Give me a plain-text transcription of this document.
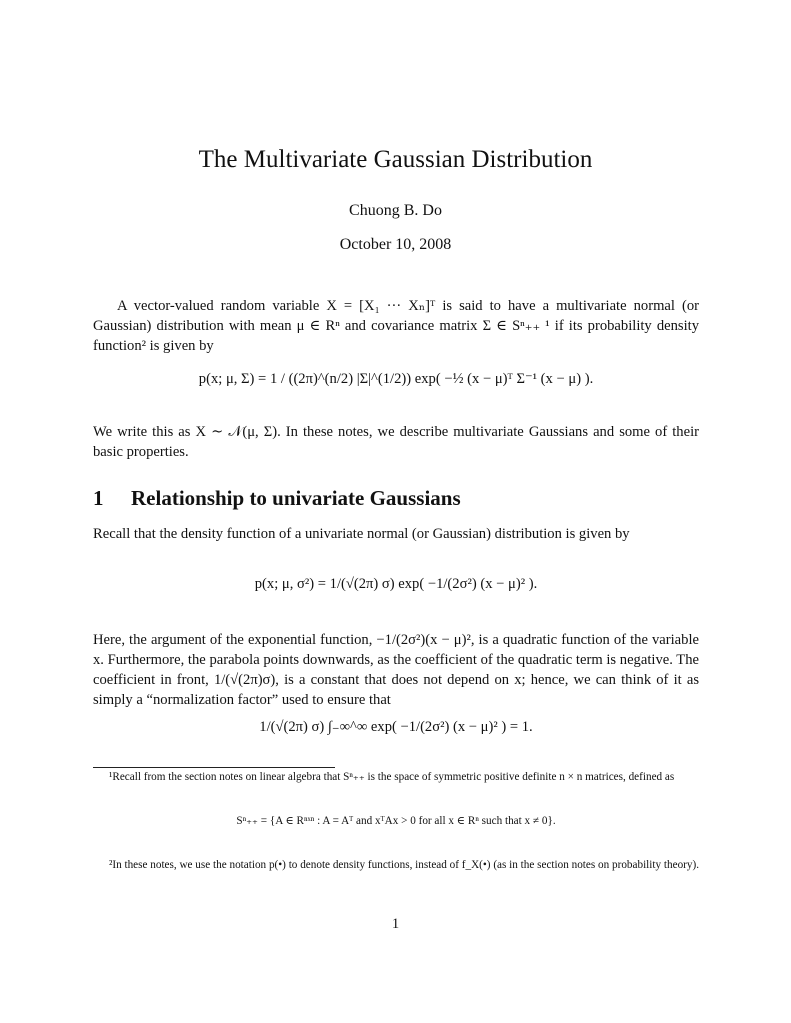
The Multivariate Gaussian Distribution
Chuong B. Do
October 10, 2008
A vector-valued random variable X = [X₁ ··· Xₙ]ᵀ is said to have a multivariate normal (or Gaussian) distribution with mean μ ∈ Rⁿ and covariance matrix Σ ∈ Sⁿ₊₊ ¹ if its probability density function² is given by
p(x; μ, Σ) = 1 / ((2π)^(n/2) |Σ|^(1/2)) exp( −½ (x − μ)ᵀ Σ⁻¹ (x − μ) ).
We write this as X ∼ 𝒩(μ, Σ). In these notes, we describe multivariate Gaussians and some of their basic properties.
1 Relationship to univariate Gaussians
Recall that the density function of a univariate normal (or Gaussian) distribution is given by
p(x; μ, σ²) = 1/(√(2π) σ) exp( −1/(2σ²) (x − μ)² ).
Here, the argument of the exponential function, −1/(2σ²)(x − μ)², is a quadratic function of the variable x. Furthermore, the parabola points downwards, as the coefficient of the quadratic term is negative. The coefficient in front, 1/(√(2π)σ), is a constant that does not depend on x; hence, we can think of it as simply a “normalization factor” used to ensure that
1/(√(2π) σ) ∫₋∞^∞ exp( −1/(2σ²) (x − μ)² ) = 1.
¹Recall from the section notes on linear algebra that Sⁿ₊₊ is the space of symmetric positive definite n × n matrices, defined as
Sⁿ₊₊ = {A ∈ Rⁿˣⁿ : A = Aᵀ and xᵀAx > 0 for all x ∈ Rⁿ such that x ≠ 0}.
²In these notes, we use the notation p(•) to denote density functions, instead of f_X(•) (as in the section notes on probability theory).
1
